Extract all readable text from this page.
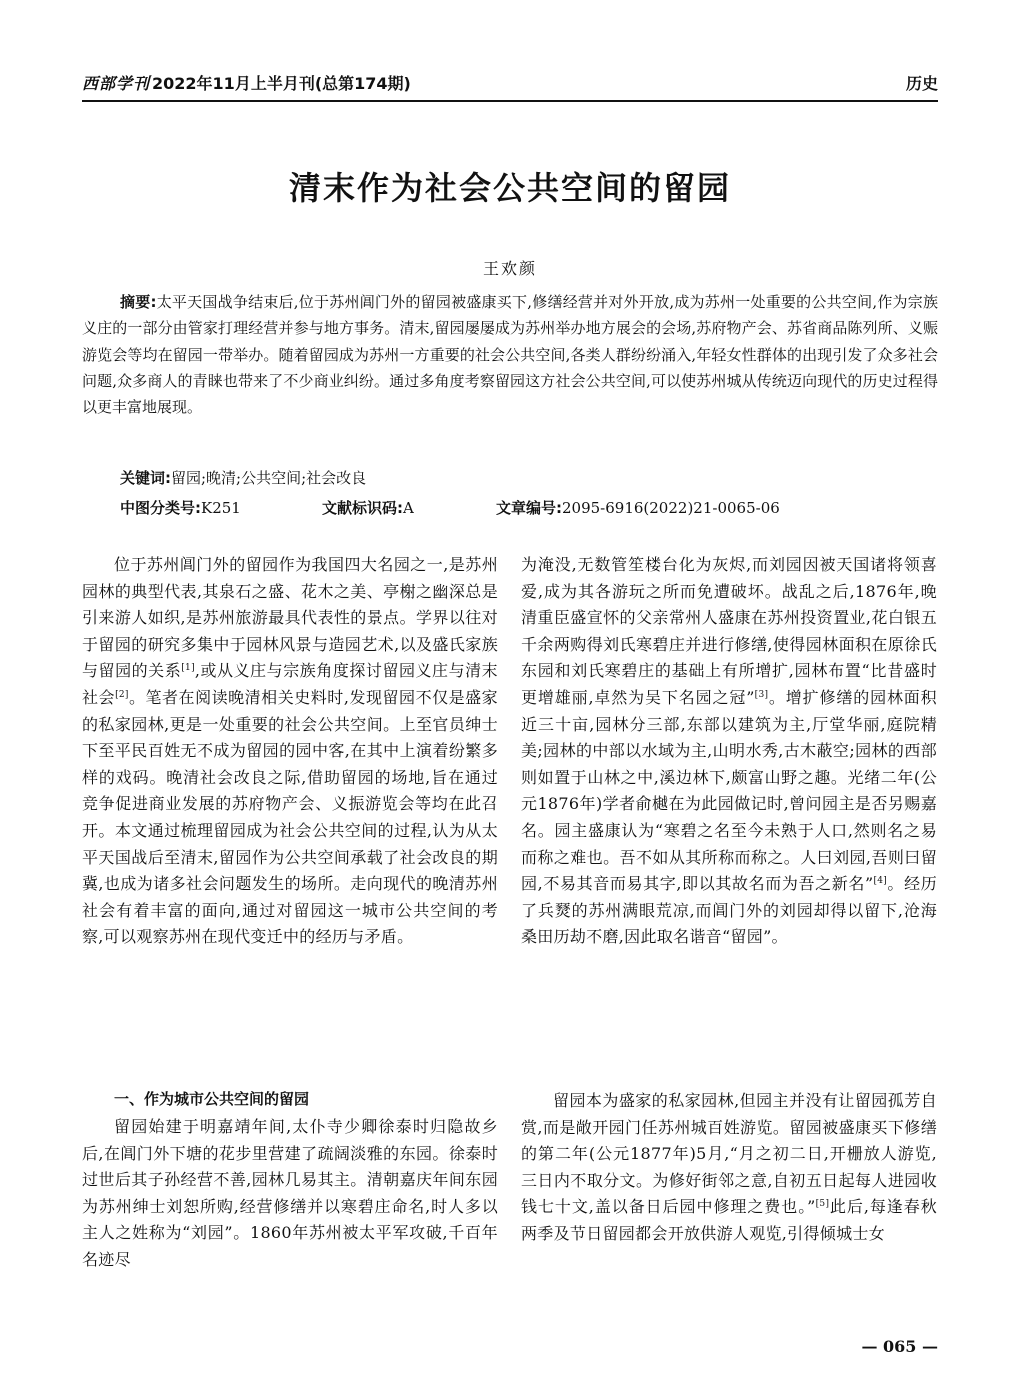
西部学刊 2022年11月上半月刊(总第174期)	历史
清末作为社会公共空间的留园
王欢颜

摘要:太平天国战争结束后,位于苏州阊门外的留园被盛康买下,修缮经营并对外开放,成为苏州一处重要的公共空间,作为宗族义庄的一部分由管家打理经营并参与地方事务。清末,留园屡屡成为苏州举办地方展会的会场,苏府物产会、苏省商品陈列所、义赈游览会等均在留园一带举办。随着留园成为苏州一方重要的社会公共空间,各类人群纷纷涌入,年轻女性群体的出现引发了众多社会问题,众多商人的青睐也带来了不少商业纠纷。通过多角度考察留园这方社会公共空间,可以使苏州城从传统迈向现代的历史过程得以更丰富地展现。

关键词:留园;晚清;公共空间;社会改良
中图分类号:K251	文献标识码:A	文章编号:2095-6916(2022)21-0065-06

位于苏州阊门外的留园作为我国四大名园之一,是苏州园林的典型代表,其泉石之盛、花木之美、亭榭之幽深总是引来游人如织,是苏州旅游最具代表性的景点。学界以往对于留园的研究多集中于园林风景与造园艺术,以及盛氏家族与留园的关系[1],或从义庄与宗族角度探讨留园义庄与清末社会[2]。笔者在阅读晚清相关史料时,发现留园不仅是盛家的私家园林,更是一处重要的社会公共空间。上至官员绅士下至平民百姓无不成为留园的园中客,在其中上演着纷繁多样的戏码。晚清社会改良之际,借助留园的场地,旨在通过竞争促进商业发展的苏府物产会、义振游览会等均在此召开。本文通过梳理留园成为社会公共空间的过程,认为从太平天国战后至清末,留园作为公共空间承载了社会改良的期冀,也成为诸多社会问题发生的场所。走向现代的晚清苏州社会有着丰富的面向,通过对留园这一城市公共空间的考察,可以观察苏州在现代变迁中的经历与矛盾。

一、作为城市公共空间的留园

留园始建于明嘉靖年间,太仆寺少卿徐泰时归隐故乡后,在阊门外下塘的花步里营建了疏阔淡雅的东园。徐泰时过世后其子孙经营不善,园林几易其主。清朝嘉庆年间东园为苏州绅士刘恕所购,经营修缮并以寒碧庄命名,时人多以主人之姓称为“刘园”。1860年苏州被太平军攻破,千百年名迹尽

为淹没,无数管笙楼台化为灰烬,而刘园因被天国诸将领喜爱,成为其各游玩之所而免遭破坏。战乱之后,1876年,晚清重臣盛宣怀的父亲常州人盛康在苏州投资置业,花白银五千余两购得刘氏寒碧庄并进行修缮,使得园林面积在原徐氏东园和刘氏寒碧庄的基础上有所增扩,园林布置“比昔盛时更增雄丽,卓然为吴下名园之冠”[3]。增扩修缮的园林面积近三十亩,园林分三部,东部以建筑为主,厅堂华丽,庭院精美;园林的中部以水域为主,山明水秀,古木蔽空;园林的西部则如置于山林之中,溪边林下,颇富山野之趣。光绪二年(公元1876年)学者俞樾在为此园做记时,曾问园主是否另赐嘉名。园主盛康认为“寒碧之名至今未熟于人口,然则名之易而称之难也。吾不如从其所称而称之。人曰刘园,吾则曰留园,不易其音而易其字,即以其故名而为吾之新名”[4]。经历了兵燹的苏州满眼荒凉,而阊门外的刘园却得以留下,沧海桑田历劫不磨,因此取名谐音“留园”。

留园本为盛家的私家园林,但园主并没有让留园孤芳自赏,而是敞开园门任苏州城百姓游览。留园被盛康买下修缮的第二年(公元1877年)5月,“月之初二日,开栅放人游览,三日内不取分文。为修好街邻之意,自初五日起每人进园收钱七十文,盖以备日后园中修理之费也。”[5]此后,每逢春秋两季及节日留园都会开放供游人观览,引得倾城士女

— 065 —
